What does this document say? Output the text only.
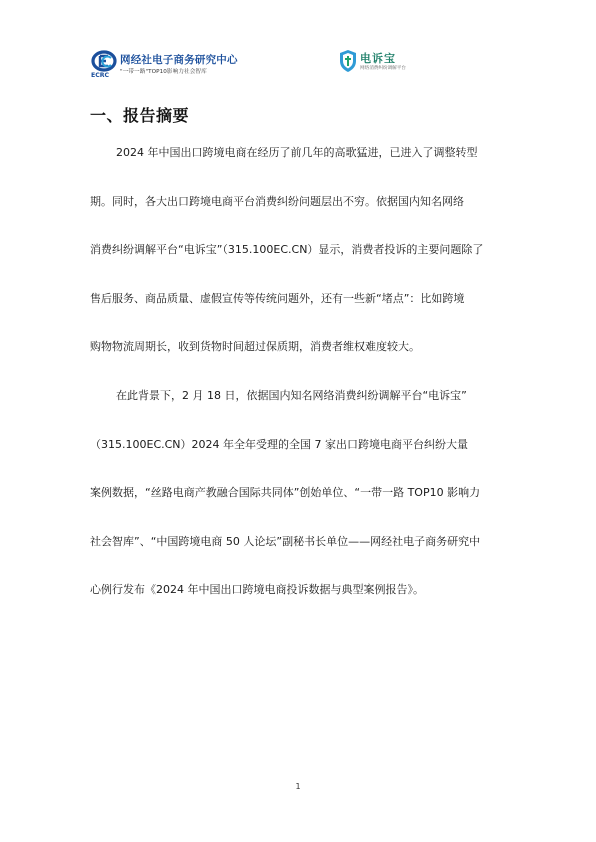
ECRC
网经社电子商务研究中心
"一带一路"TOP10影响力社会智库
电诉宝
网络消费纠纷调解平台
一、报告摘要
2024 年中国出口跨境电商在经历了前几年的高歌猛进，已进入了调整转型
期。同时，各大出口跨境电商平台消费纠纷问题层出不穷。依据国内知名网络
消费纠纷调解平台“电诉宝”（315.100EC.CN）显示，消费者投诉的主要问题除了
售后服务、商品质量、虚假宣传等传统问题外，还有一些新“堵点”：比如跨境
购物物流周期长，收到货物时间超过保质期，消费者维权难度较大。
在此背景下，2 月 18 日，依据国内知名网络消费纠纷调解平台“电诉宝”
（315.100EC.CN）2024 年全年受理的全国 7 家出口跨境电商平台纠纷大量
案例数据，“丝路电商产教融合国际共同体”创始单位、“一带一路 TOP10 影响力
社会智库”、“中国跨境电商 50 人论坛”副秘书长单位——网经社电子商务研究中
心例行发布《2024 年中国出口跨境电商投诉数据与典型案例报告》。
1
